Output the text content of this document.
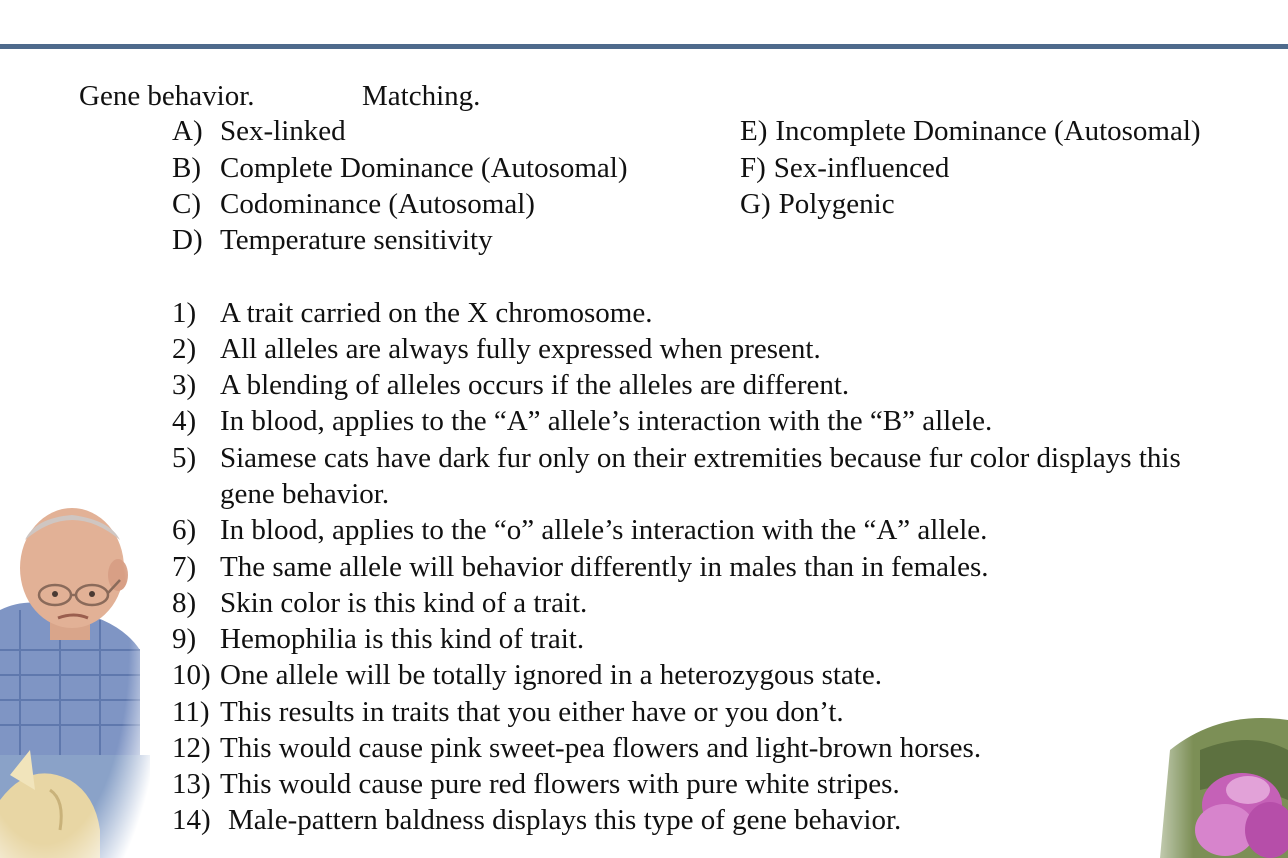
Gene behavior.	Matching.
A) Sex-linked
B) Complete Dominance (Autosomal)
C) Codominance (Autosomal)
D) Temperature sensitivity
E) Incomplete Dominance (Autosomal)
F) Sex-influenced
G) Polygenic
1) A trait carried on the X chromosome.
2) All alleles are always fully expressed when present.
3) A blending of alleles occurs if the alleles are different.
4) In blood, applies to the “A” allele’s interaction with the “B” allele.
5) Siamese cats have dark fur only on their extremities because fur color displays this
gene behavior.
6) In blood, applies to the “o” allele’s interaction with the “A” allele.
7) The same allele will behavior differently in males than in females.
8) Skin color is this kind of a trait.
9) Hemophilia is this kind of trait.
10) One allele will be totally ignored in a heterozygous state.
11) This results in traits that you either have or you don’t.
12) This would cause pink sweet-pea flowers and light-brown horses.
13) This would cause pure red flowers with pure white stripes.
14) Male-pattern baldness displays this type of gene behavior.
